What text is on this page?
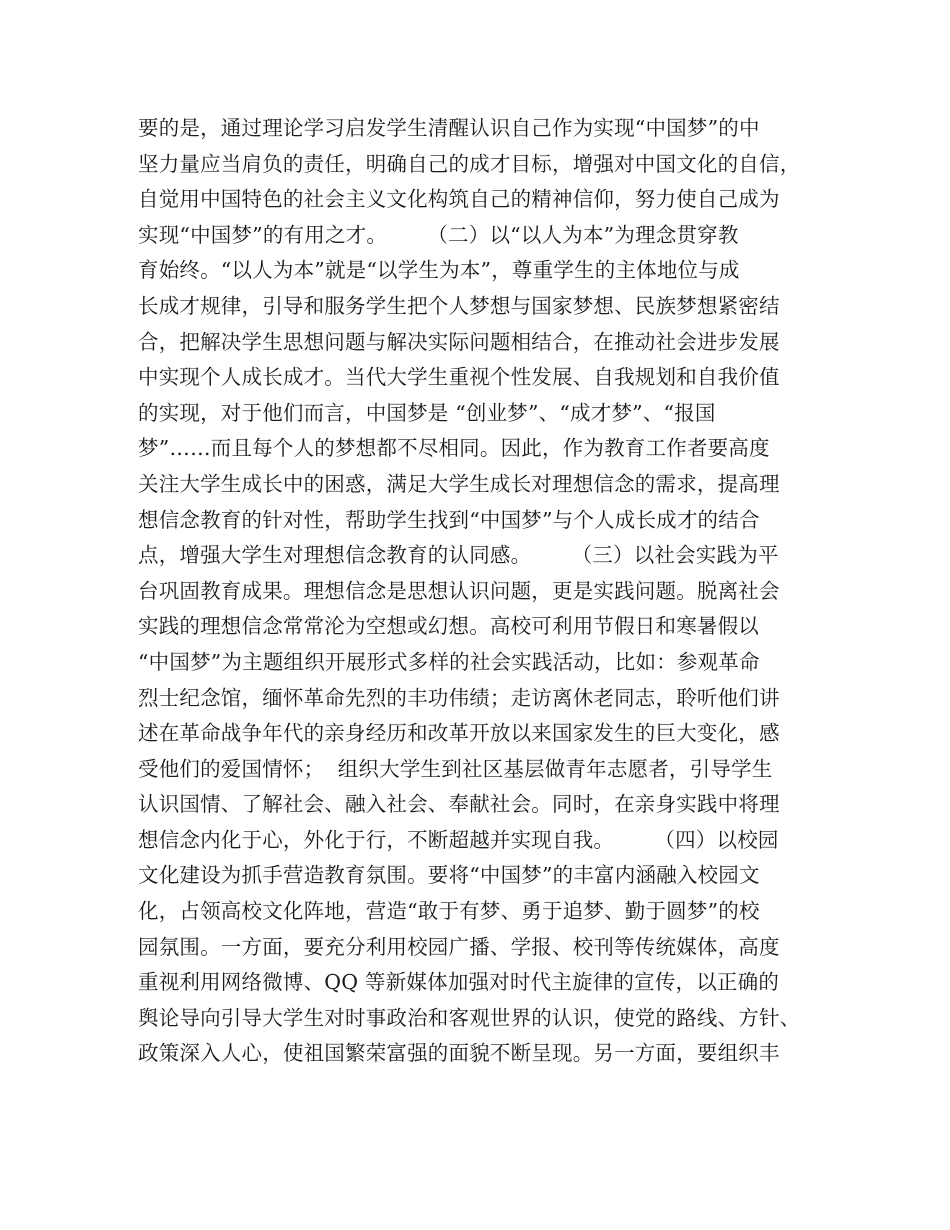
要的是，通过理论学习启发学生清醒认识自己作为实现“中国梦”的中
坚力量应当肩负的责任，明确自己的成才目标，增强对中国文化的自信，
自觉用中国特色的社会主义文化构筑自己的精神信仰，努力使自己成为
实现“中国梦”的有用之才。      （二）以“以人为本”为理念贯穿教
育始终。“以人为本”就是“以学生为本”，尊重学生的主体地位与成
长成才规律，引导和服务学生把个人梦想与国家梦想、民族梦想紧密结
合，把解决学生思想问题与解决实际问题相结合，在推动社会进步发展
中实现个人成长成才。当代大学生重视个性发展、自我规划和自我价值
的实现，对于他们而言，中国梦是 “创业梦”、“成才梦”、“报国
梦”……而且每个人的梦想都不尽相同。因此，作为教育工作者要高度
关注大学生成长中的困惑，满足大学生成长对理想信念的需求，提高理
想信念教育的针对性，帮助学生找到“中国梦”与个人成长成才的结合
点，增强大学生对理想信念教育的认同感。      （三）以社会实践为平
台巩固教育成果。理想信念是思想认识问题，更是实践问题。脱离社会
实践的理想信念常常沦为空想或幻想。高校可利用节假日和寒暑假以
“中国梦”为主题组织开展形式多样的社会实践活动，比如：参观革命
烈士纪念馆，缅怀革命先烈的丰功伟绩；走访离休老同志，聆听他们讲
述在革命战争年代的亲身经历和改革开放以来国家发生的巨大变化，感
受他们的爱国情怀；  组织大学生到社区基层做青年志愿者，引导学生
认识国情、了解社会、融入社会、奉献社会。同时，在亲身实践中将理
想信念内化于心，外化于行，不断超越并实现自我。      （四）以校园
文化建设为抓手营造教育氛围。要将“中国梦”的丰富内涵融入校园文
化，占领高校文化阵地，营造“敢于有梦、勇于追梦、勤于圆梦”的校
园氛围。一方面，要充分利用校园广播、学报、校刊等传统媒体，高度
重视利用网络微博、QQ 等新媒体加强对时代主旋律的宣传，以正确的
舆论导向引导大学生对时事政治和客观世界的认识，使党的路线、方针、
政策深入人心，使祖国繁荣富强的面貌不断呈现。另一方面，要组织丰
